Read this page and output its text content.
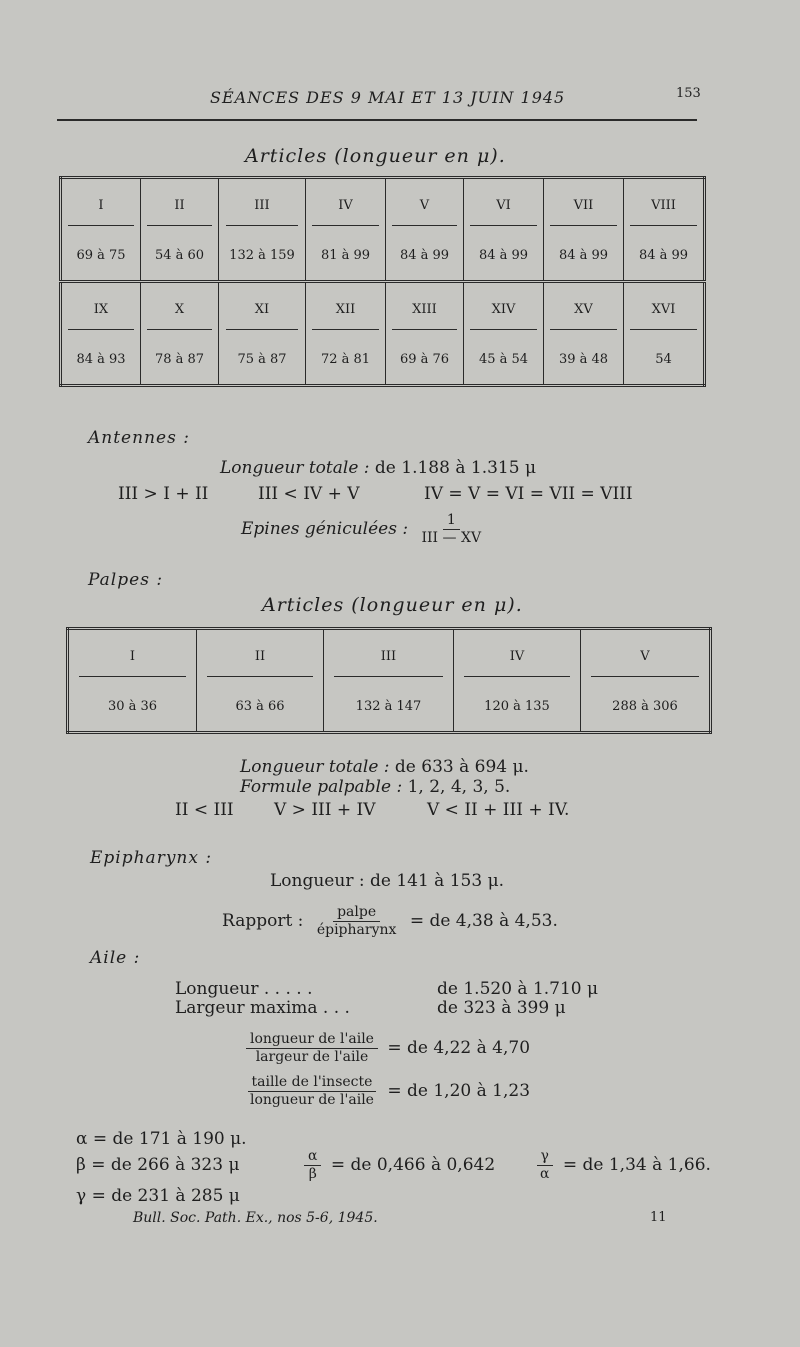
SÉANCES DES 9 MAI ET 13 JUIN 1945	153
Articles (longueur en μ).
I	II	III	IV	V	VI	VII	VIII
69 à 75	54 à 60	132 à 159	81 à 99	84 à 99	84 à 99	84 à 99	84 à 99
IX	X	XI	XII	XIII	XIV	XV	XVI
84 à 93	78 à 87	75 à 87	72 à 81	69 à 76	45 à 54	39 à 48	54
Antennes :
Longueur totale : de 1.188 à 1.315 μ
III > I + II	III < IV + V	IV = V = VI = VII = VIII
Epines géniculées : $\frac{1}{\text{III — XV}}$
Palpes :
Articles (longueur en μ).
I	II	III	IV	V
30 à 36	63 à 66	132 à 147	120 à 135	288 à 306
Longueur totale : de 633 à 694 μ.
Formule palpable : 1, 2, 4, 3, 5.
II < III V > III + IV	V < II + III + IV.
Epipharynx :
Longueur : de 141 à 153 μ.
Rapport : $\frac{\text{palpe}}{\text{épipharynx}}$ = de 4,38 à 4,53.
Aile :
Longueur . . . . .	de 1.520 à 1.710 μ
Largeur maxima . . .	de 323 à 399 μ
$\frac{\text{longueur de l'aile}}{\text{largeur de l'aile}}$ = de 4,22 à 4,70
$\frac{\text{taille de l'insecte}}{\text{longueur de l'aile}}$ = de 1,20 à 1,23
α = de 171 à 190 μ.
β = de 266 à 323 μ
γ = de 231 à 285 μ
$\frac{\alpha}{\beta}$ = de 0,466 à 0,642	$\frac{\gamma}{\alpha}$ = de 1,34 à 1,66.
Bull. Soc. Path. Ex., nos 5-6, 1945.	11
